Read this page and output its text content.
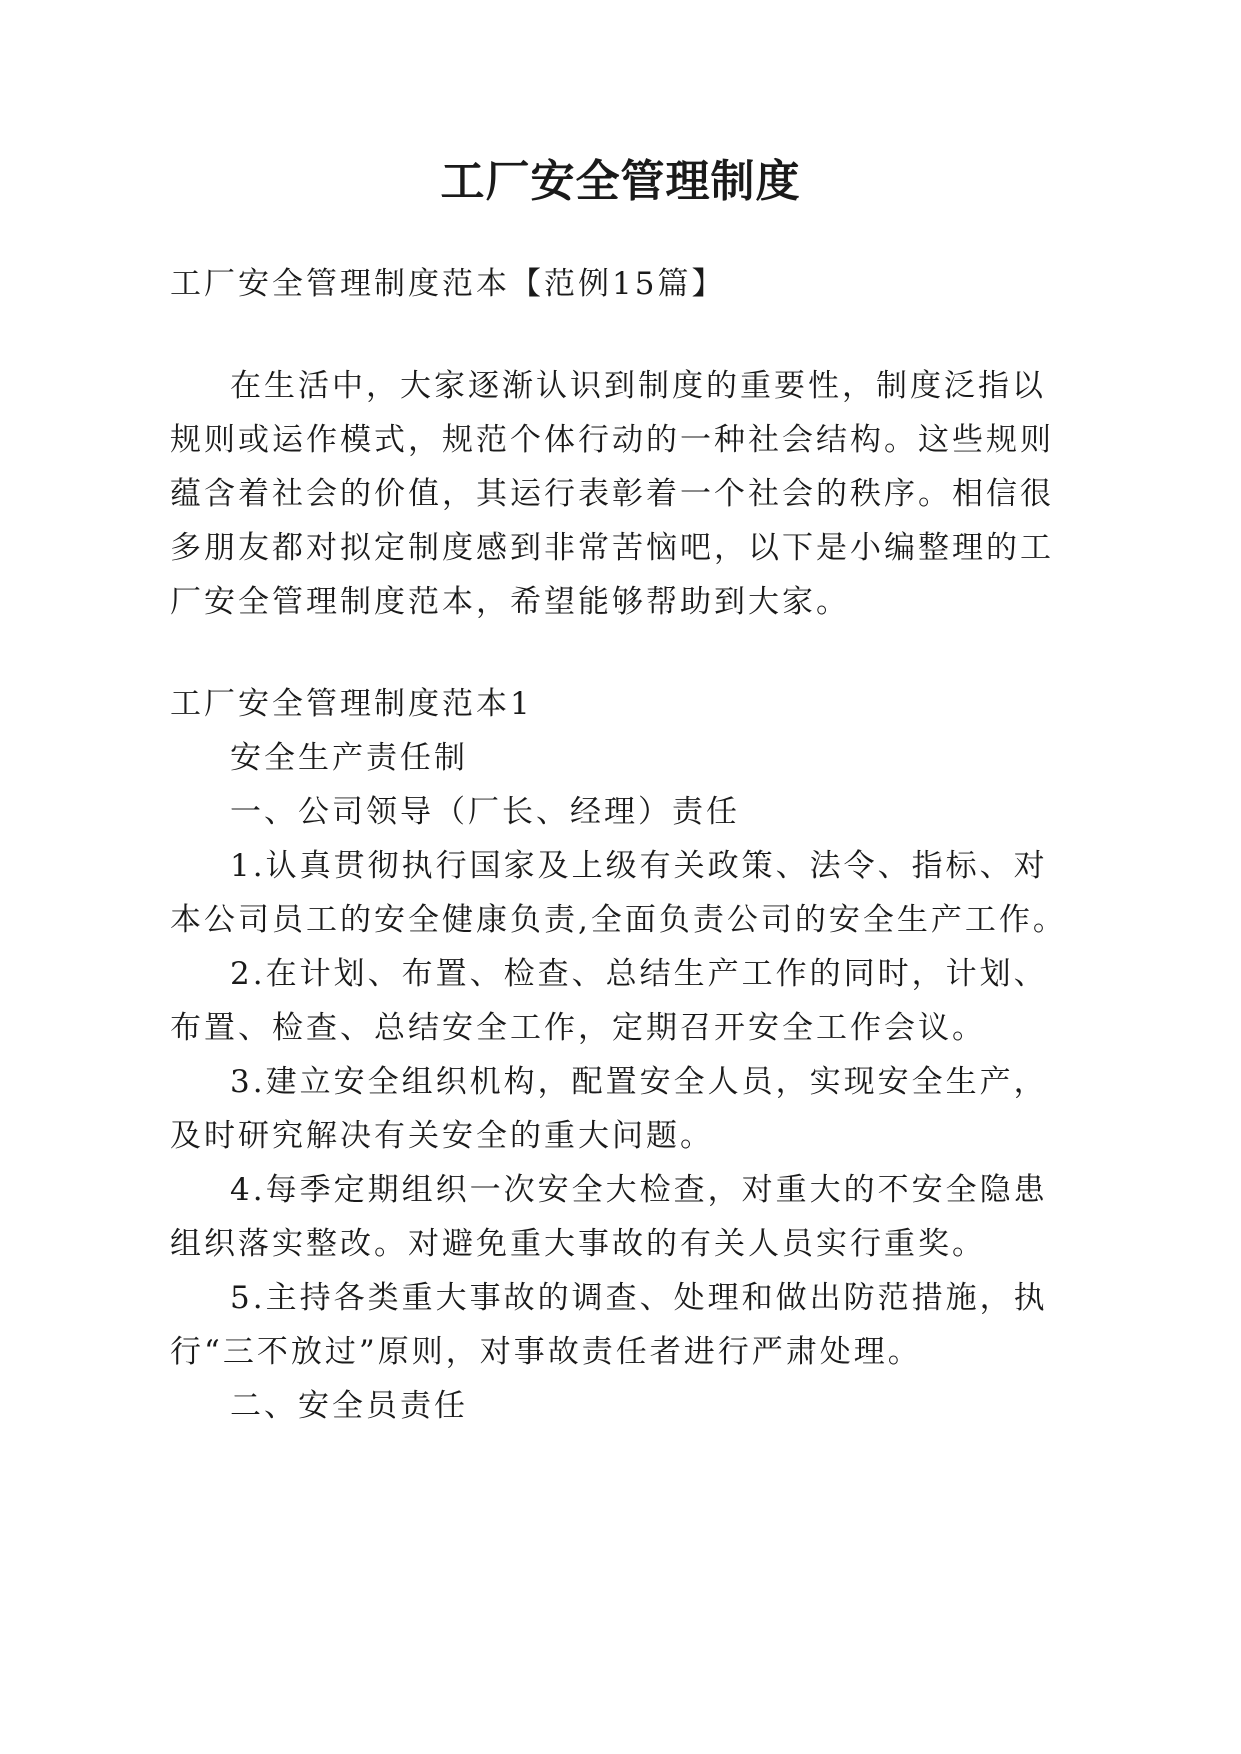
工厂安全管理制度
工厂安全管理制度范本【范例15篇】
在生活中，大家逐渐认识到制度的重要性，制度泛指以
规则或运作模式，规范个体行动的一种社会结构。这些规则
蕴含着社会的价值，其运行表彰着一个社会的秩序。相信很
多朋友都对拟定制度感到非常苦恼吧，以下是小编整理的工
厂安全管理制度范本，希望能够帮助到大家。
工厂安全管理制度范本1
安全生产责任制
一、公司领导（厂长、经理）责任
1.认真贯彻执行国家及上级有关政策、法令、指标、对
本公司员工的安全健康负责,全面负责公司的安全生产工作。
2.在计划、布置、检查、总结生产工作的同时，计划、
布置、检查、总结安全工作，定期召开安全工作会议。
3.建立安全组织机构，配置安全人员，实现安全生产，
及时研究解决有关安全的重大问题。
4.每季定期组织一次安全大检查，对重大的不安全隐患
组织落实整改。对避免重大事故的有关人员实行重奖。
5.主持各类重大事故的调查、处理和做出防范措施，执
行“三不放过”原则，对事故责任者进行严肃处理。
二、安全员责任
